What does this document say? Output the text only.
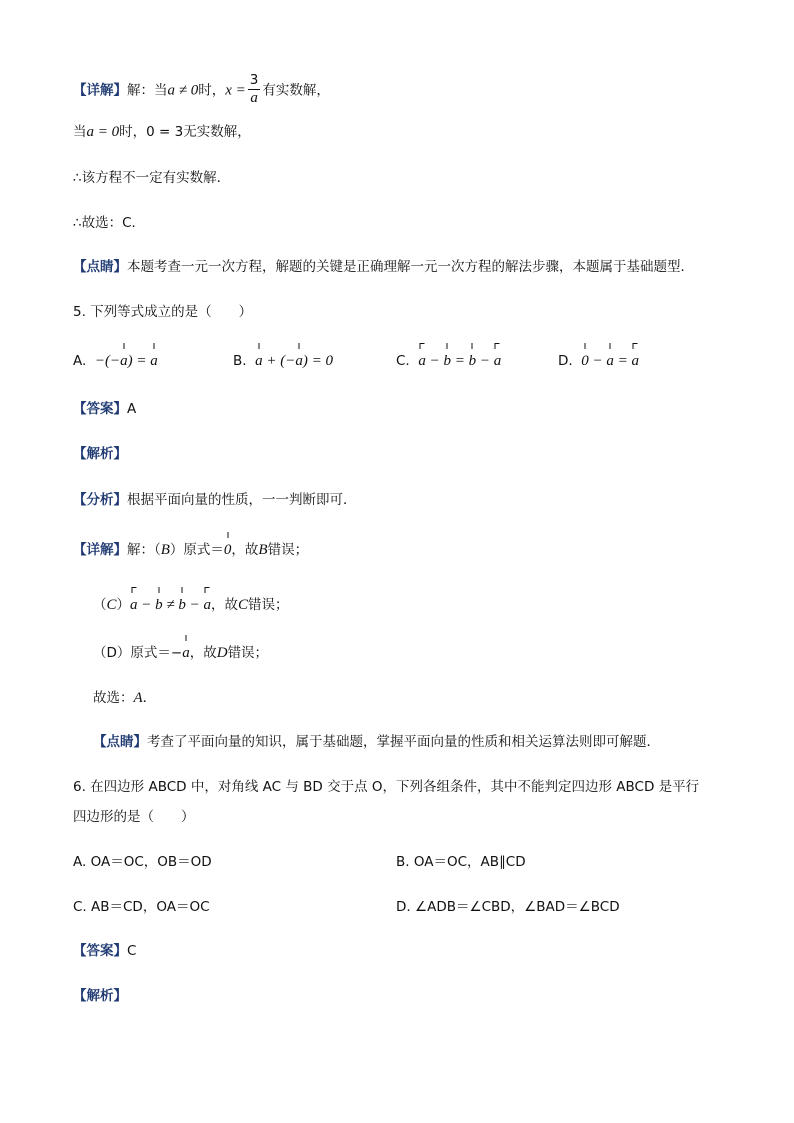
【详解】解：当a ≠ 0时，$x = \frac{3}{a}$ 有实数解，
当a = 0时，0 = 3无实数解，
∴该方程不一定有实数解．
∴故选：C．
【点睛】本题考查一元一次方程，解题的关键是正确理解一元一次方程的解法步骤，本题属于基础题型．
5. 下列等式成立的是（　　）
A. −(−a) = a	B. a + (−a) = 0	C. a − b = b − a	D. 0 − a = a
【答案】A
【解析】
【分析】根据平面向量的性质，一一判断即可．
【详解】解：（B）原式＝0，故B错误；
（C）a − b ≠ b − a，故C错误；
（D）原式＝−a，故D错误；
故选：A．
【点睛】考查了平面向量的知识，属于基础题，掌握平面向量的性质和相关运算法则即可解题．
6. 在四边形 ABCD 中，对角线 AC 与 BD 交于点 O，下列各组条件，其中不能判定四边形 ABCD 是平行
四边形的是（　　）
A. OA＝OC，OB＝OD	B. OA＝OC，AB∥CD
C. AB＝CD，OA＝OC	D. ∠ADB＝∠CBD，∠BAD＝∠BCD
【答案】C
【解析】
